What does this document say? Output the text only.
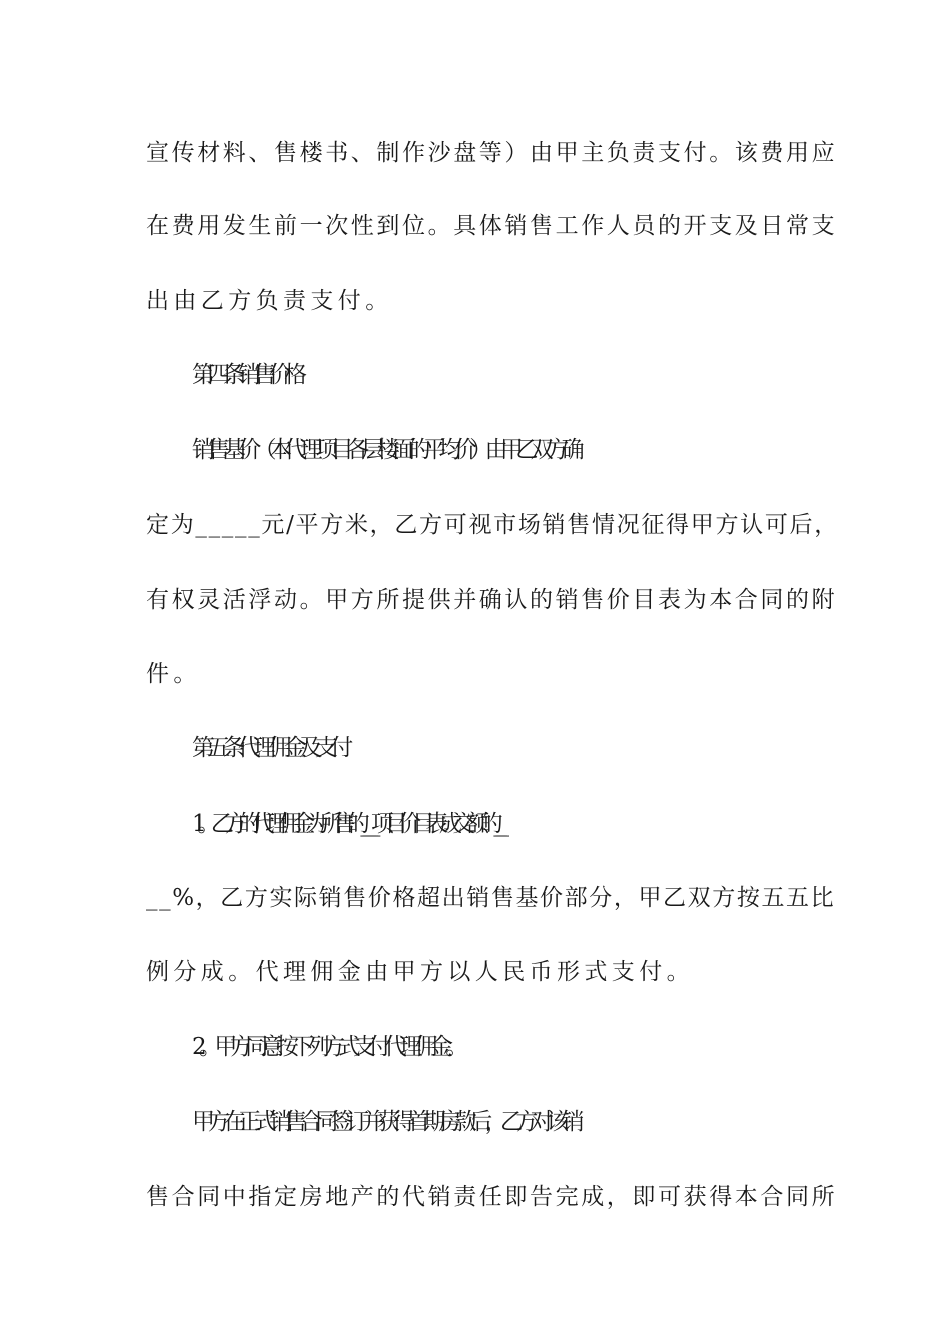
宣传材料、售楼书、制作沙盘等）由甲主负责支付。该费用应

在费用发生前一次性到位。具体销售工作人员的开支及日常支

出由乙方负责支付。

第四条 销售价格

销售基价（本代理项目各层楼面的平均价）由甲乙双方确

定为_____元/平方米，乙方可视市场销售情况征得甲方认可后，

有权灵活浮动。甲方所提供并确认的销售价目表为本合同的附

件。

第五条 代理佣金及支付

1。乙方的代理佣金为所售的_____项目价目表成交额的___

__%，乙方实际销售价格超出销售基价部分，甲乙双方按五五比

例分成。代理佣金由甲方以人民币形式支付。

2。甲方同意按下列方式支付代理佣金。

甲方在正式销售合同签订并获得首期房款后，乙方对该销

售合同中指定房地产的代销责任即告完成，即可获得本合同所
